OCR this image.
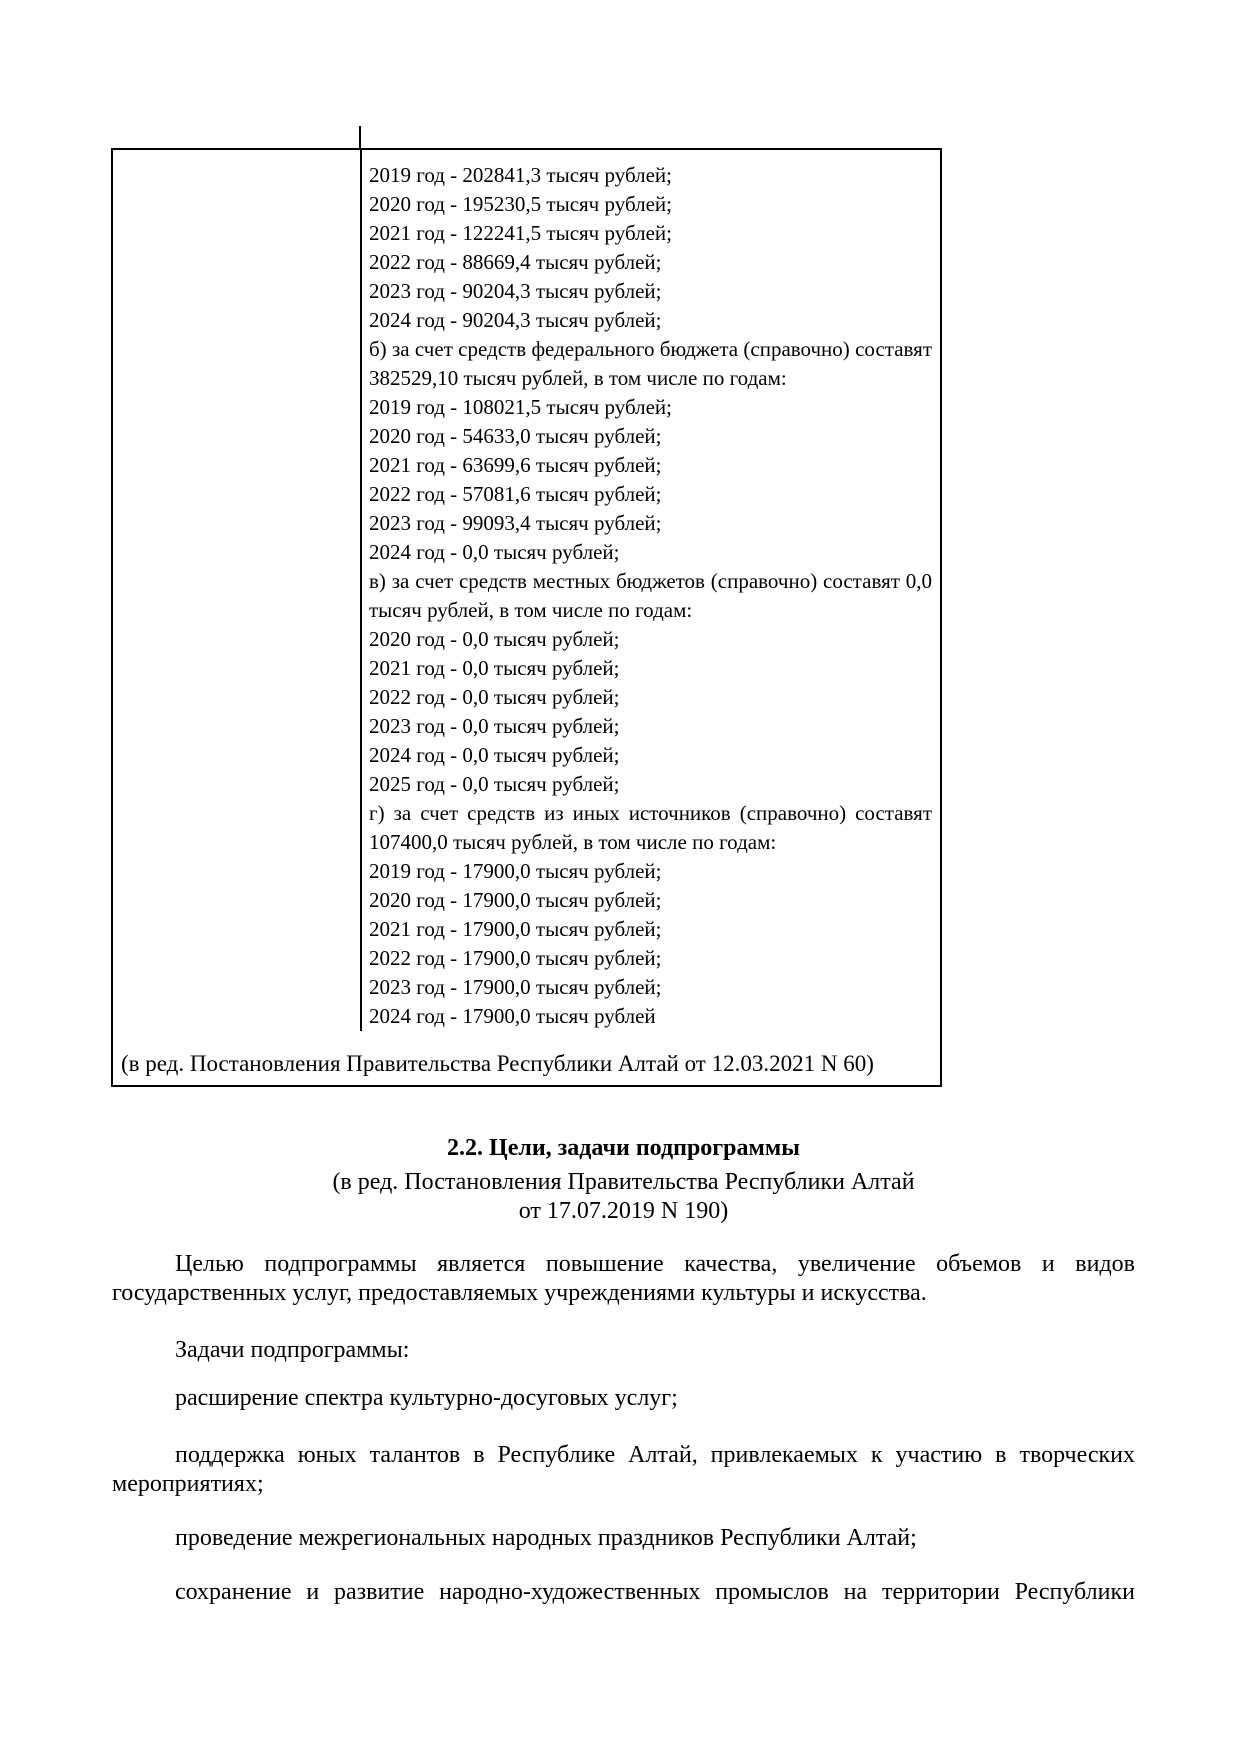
2019 год - 202841,3 тысяч рублей;
2020 год - 195230,5 тысяч рублей;
2021 год - 122241,5 тысяч рублей;
2022 год - 88669,4 тысяч рублей;
2023 год - 90204,3 тысяч рублей;
2024 год - 90204,3 тысяч рублей;
б) за счет средств федерального бюджета (справочно) составят
382529,10 тысяч рублей, в том числе по годам:
2019 год - 108021,5 тысяч рублей;
2020 год - 54633,0 тысяч рублей;
2021 год - 63699,6 тысяч рублей;
2022 год - 57081,6 тысяч рублей;
2023 год - 99093,4 тысяч рублей;
2024 год - 0,0 тысяч рублей;
в) за счет средств местных бюджетов (справочно) составят 0,0
тысяч рублей, в том числе по годам:
2020 год - 0,0 тысяч рублей;
2021 год - 0,0 тысяч рублей;
2022 год - 0,0 тысяч рублей;
2023 год - 0,0 тысяч рублей;
2024 год - 0,0 тысяч рублей;
2025 год - 0,0 тысяч рублей;
г) за счет средств из иных источников (справочно) составят
107400,0 тысяч рублей, в том числе по годам:
2019 год - 17900,0 тысяч рублей;
2020 год - 17900,0 тысяч рублей;
2021 год - 17900,0 тысяч рублей;
2022 год - 17900,0 тысяч рублей;
2023 год - 17900,0 тысяч рублей;
2024 год - 17900,0 тысяч рублей
(в ред. Постановления Правительства Республики Алтай от 12.03.2021 N 60)
2.2. Цели, задачи подпрограммы
(в ред. Постановления Правительства Республики Алтай
от 17.07.2019 N 190)
Целью подпрограммы является повышение качества, увеличение объемов и видов
государственных услуг, предоставляемых учреждениями культуры и искусства.
Задачи подпрограммы:
расширение спектра культурно-досуговых услуг;
поддержка юных талантов в Республике Алтай, привлекаемых к участию в творческих
мероприятиях;
проведение межрегиональных народных праздников Республики Алтай;
сохранение и развитие народно-художественных промыслов на территории Республики
